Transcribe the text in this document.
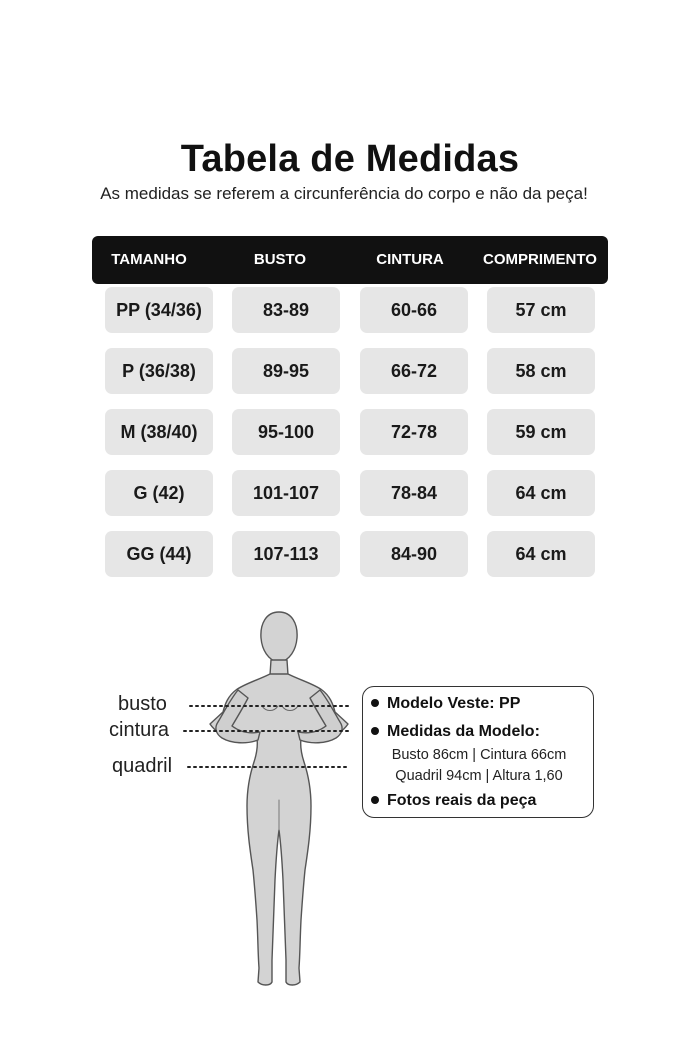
Tabela de Medidas
As medidas se referem a circunferência do corpo e não da peça!
TAMANHO	BUSTO	CINTURA	COMPRIMENTO
PP (34/36)	83-89	60-66	57 cm
P (36/38)	89-95	66-72	58 cm
M (38/40)	95-100	72-78	59 cm
G (42)	101-107	78-84	64 cm
GG (44)	107-113	84-90	64 cm
busto
cintura
quadril
Modelo Veste: PP
Medidas da Modelo:
Busto 86cm | Cintura 66cm
Quadril 94cm | Altura 1,60
Fotos reais da peça
